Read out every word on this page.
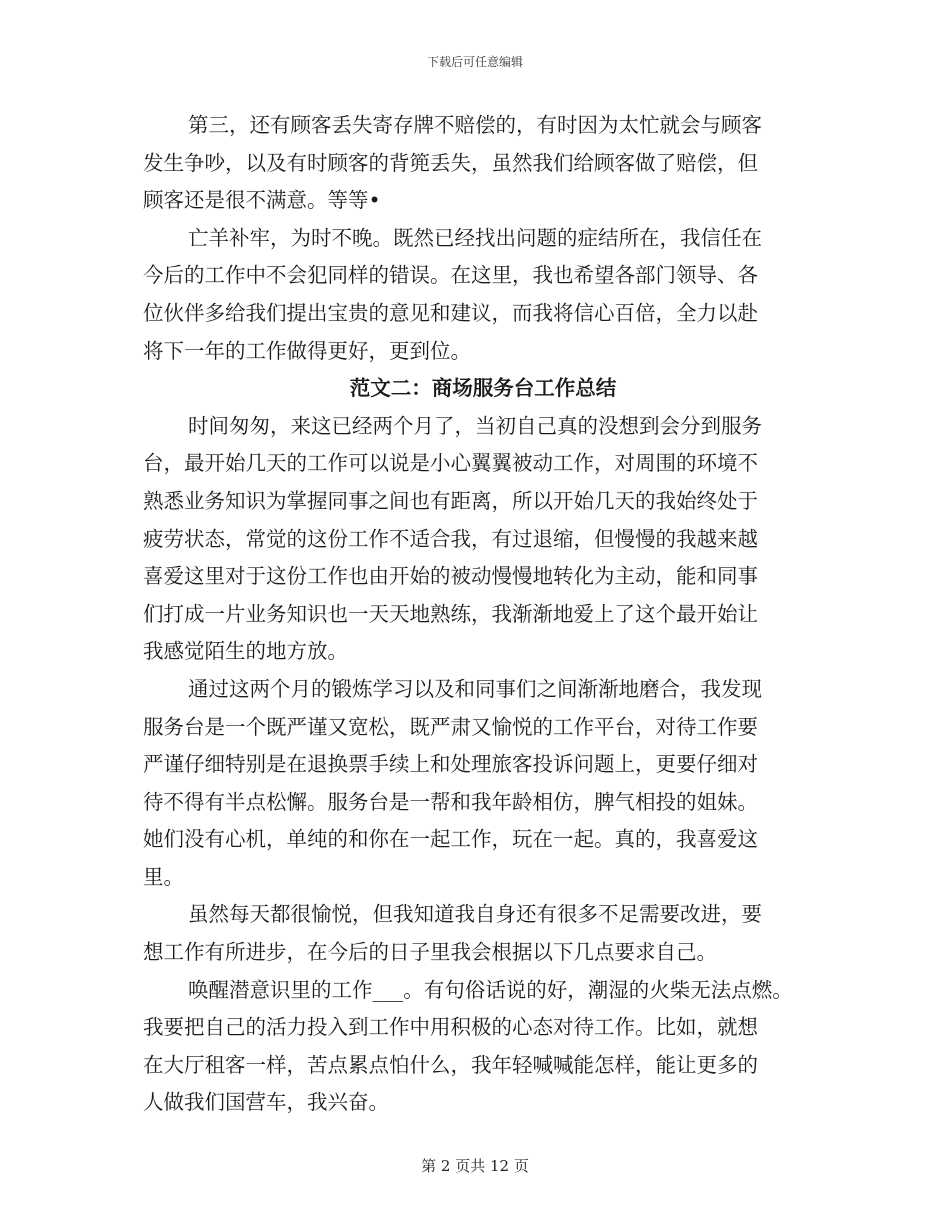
下载后可任意编辑
第三，还有顾客丢失寄存牌不赔偿的，有时因为太忙就会与顾客
发生争吵，以及有时顾客的背篼丢失，虽然我们给顾客做了赔偿，但
顾客还是很不满意。等等•
亡羊补牢，为时不晚。既然已经找出问题的症结所在，我信任在
今后的工作中不会犯同样的错误。在这里，我也希望各部门领导、各
位伙伴多给我们提出宝贵的意见和建议，而我将信心百倍，全力以赴
将下一年的工作做得更好，更到位。
范文二：商场服务台工作总结
时间匆匆，来这已经两个月了，当初自己真的没想到会分到服务
台，最开始几天的工作可以说是小心翼翼被动工作，对周围的环境不
熟悉业务知识为掌握同事之间也有距离，所以开始几天的我始终处于
疲劳状态，常觉的这份工作不适合我，有过退缩，但慢慢的我越来越
喜爱这里对于这份工作也由开始的被动慢慢地转化为主动，能和同事
们打成一片业务知识也一天天地熟练，我渐渐地爱上了这个最开始让
我感觉陌生的地方放。
通过这两个月的锻炼学习以及和同事们之间渐渐地磨合，我发现
服务台是一个既严谨又宽松，既严肃又愉悦的工作平台，对待工作要
严谨仔细特别是在退换票手续上和处理旅客投诉问题上，更要仔细对
待不得有半点松懈。服务台是一帮和我年龄相仿，脾气相投的姐妹。
她们没有心机，单纯的和你在一起工作，玩在一起。真的，我喜爱这
里。
虽然每天都很愉悦，但我知道我自身还有很多不足需要改进，要
想工作有所进步，在今后的日子里我会根据以下几点要求自己。
唤醒潜意识里的工作___。有句俗话说的好，潮湿的火柴无法点燃。
我要把自己的活力投入到工作中用积极的心态对待工作。比如，就想
在大厅租客一样，苦点累点怕什么，我年轻喊喊能怎样，能让更多的
人做我们国营车，我兴奋。
第 2 页共 12 页
